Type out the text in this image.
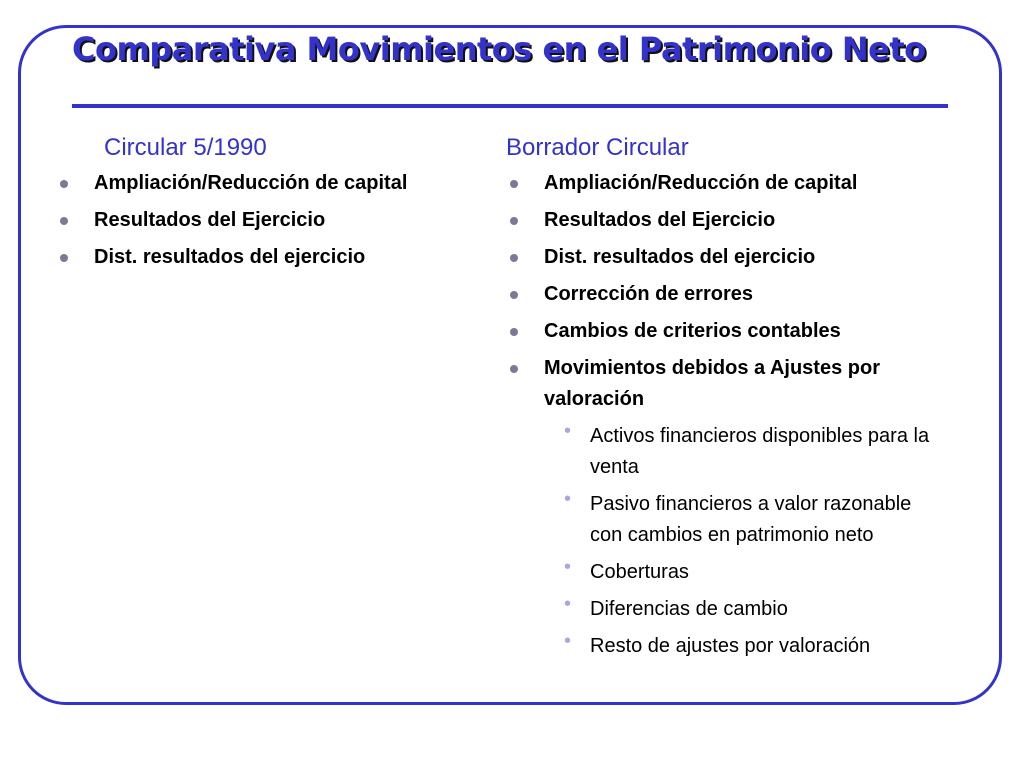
Comparativa Movimientos en el Patrimonio Neto
Circular 5/1990	Borrador Circular
Ampliación/Reducción de capital
Resultados del Ejercicio
Dist. resultados del ejercicio
Ampliación/Reducción de capital
Resultados del Ejercicio
Dist. resultados del ejercicio
Corrección de errores
Cambios de criterios contables
Movimientos debidos a Ajustes por valoración
• Activos financieros disponibles para la venta
• Pasivo financieros a valor razonable con cambios en patrimonio neto
• Coberturas
• Diferencias de cambio
• Resto de ajustes por valoración
